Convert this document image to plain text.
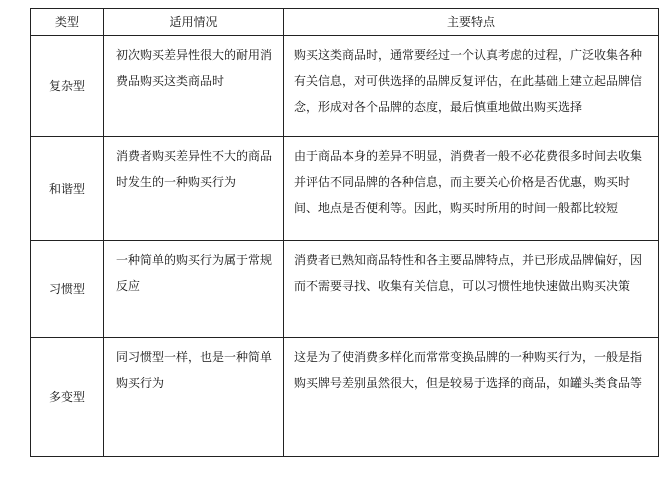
类型	适用情况	主要特点
复杂型	初次购买差异性很大的耐用消费品购买这类商品时	购买这类商品时，通常要经过一个认真考虑的过程，广泛收集各种有关信息，对可供选择的品牌反复评估，在此基础上建立起品牌信念，形成对各个品牌的态度，最后慎重地做出购买选择
和谐型	消费者购买差异性不大的商品时发生的一种购买行为	由于商品本身的差异不明显，消费者一般不必花费很多时间去收集并评估不同品牌的各种信息，而主要关心价格是否优惠，购买时间、地点是否便利等。因此，购买时所用的时间一般都比较短
习惯型	一种简单的购买行为属于常规反应	消费者已熟知商品特性和各主要品牌特点，并已形成品牌偏好，因而不需要寻找、收集有关信息，可以习惯性地快速做出购买决策
多变型	同习惯型一样，也是一种简单购买行为	这是为了使消费多样化而常常变换品牌的一种购买行为，一般是指购买牌号差别虽然很大，但是较易于选择的商品，如罐头类食品等
